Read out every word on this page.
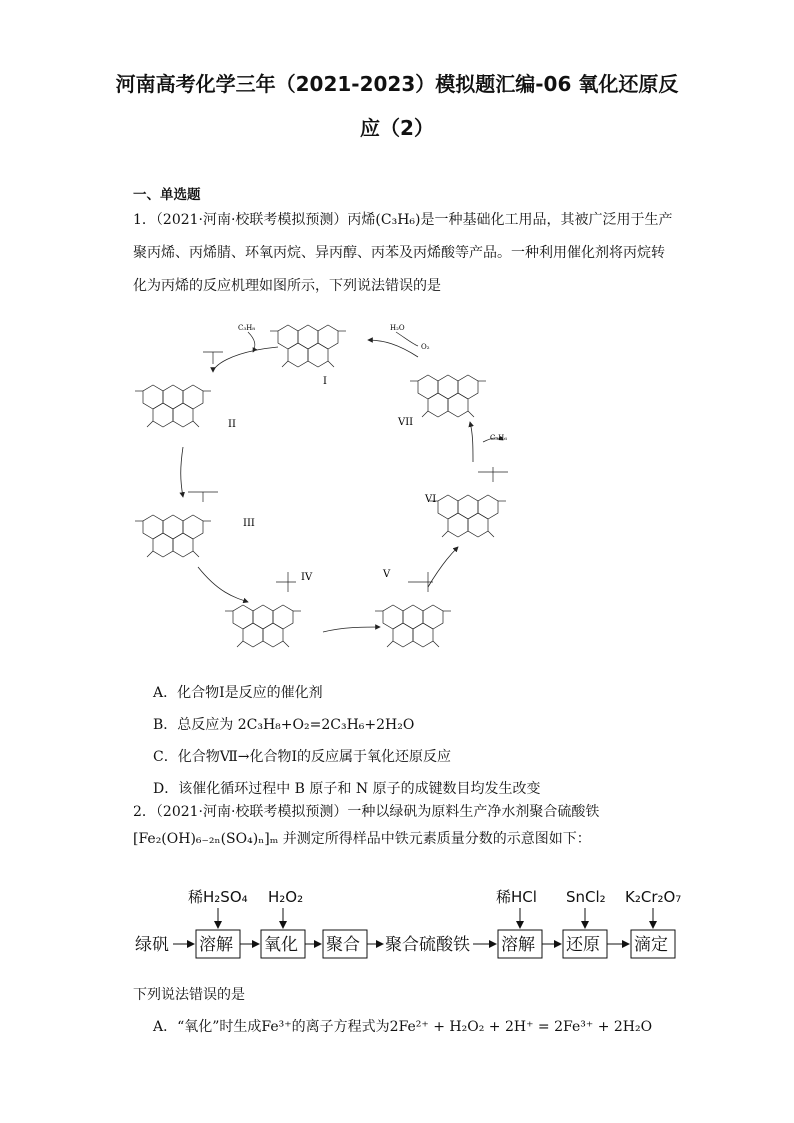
河南高考化学三年（2021-2023）模拟题汇编-06 氧化还原反
应（2）
一、单选题
1．（2021·河南·校联考模拟预测）丙烯(C₃H₆)是一种基础化工用品，其被广泛用于生产
聚丙烯、丙烯腈、环氧丙烷、异丙醇、丙苯及丙烯酸等产品。一种利用催化剂将丙烷转
化为丙烯的反应机理如图所示，下列说法错误的是
C₃H₈	H₂O
O₂
C₃H₆
I
II
III
IV	V
VI
VII
A．化合物Ⅰ是反应的催化剂
B．总反应为 2C₃H₈+O₂=2C₃H₆+2H₂O
C．化合物Ⅶ→化合物Ⅰ的反应属于氧化还原反应
D．该催化循环过程中 B 原子和 N 原子的成键数目均发生改变
2．（2021·河南·校联考模拟预测）一种以绿矾为原料生产净水剂聚合硫酸铁
[Fe₂(OH)₆₋₂ₙ(SO₄)ₙ]ₘ 并测定所得样品中铁元素质量分数的示意图如下：
绿矾 溶解 氧化 聚合 聚合硫酸铁 溶解 还原 滴定
稀H₂SO₄ H₂O₂	稀HCl SnCl₂ K₂Cr₂O₇
下列说法错误的是
A．“氧化”时生成Fe³⁺的离子方程式为2Fe²⁺ + H₂O₂ + 2H⁺ = 2Fe³⁺ + 2H₂O
